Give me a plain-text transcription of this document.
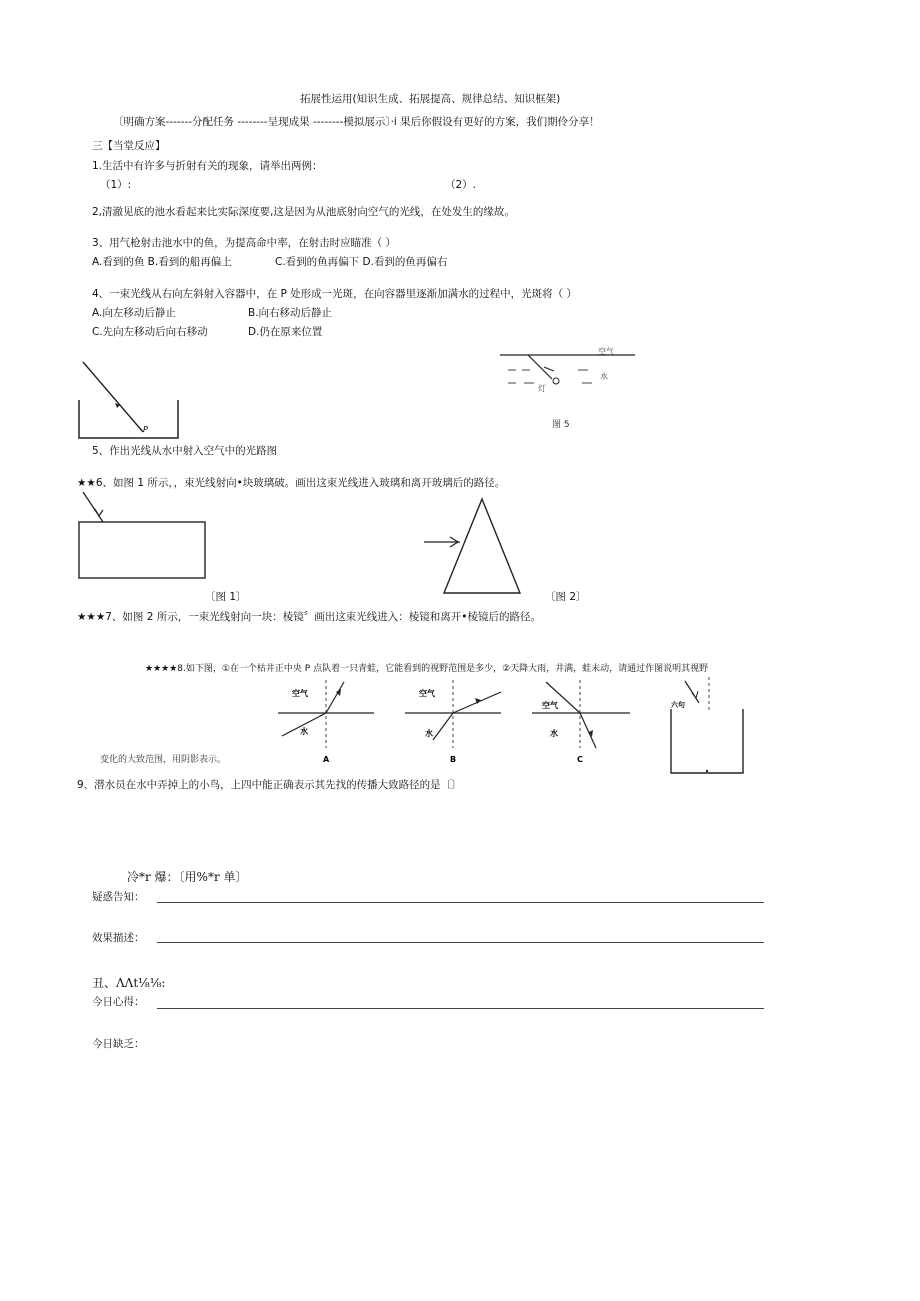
拓展性运用(知识生成、拓展提高、规律总结、知识框架)
〔明确方案-------分配任务 --------呈现成果 --------模拟展示〕·i 果后你假设有更好的方案，我们期伶分享！
三【当堂反应】
1.生活中有许多与折射有关的现象，请举出两例：
（1）:	（2）.
2,清澈见底的池水看起来比实际深度要,这是因为从池底射向空气的光线，在处发生的缘故。
3、用气枪射击池水中的鱼，为提高命中率，在射击时应瞄准（ ）
A.看到的鱼 B.看到的船再偏上	C.看到的鱼再偏下 D.看到的鱼再偏右
4、一束光线从右向左斜射入容器中，在 P 处形成一光斑，在向容器里逐渐加满水的过程中，光斑将（ ）
A.向左移动后静止	B.向右移动后静止
C.先向左移动后向右移动	D.仍在原来位置
P
空气
水
灯
图 5
5、作出光线从水中射入空气中的光路图
★★6、如图 1 所示，，束光线射向•块玻璃破。画出这束光线进入玻璃和离开玻璃后的路径。
〔图 1〕	〔图 2〕
★★★7、如图 2 所示，一束光线射向一块：棱镜〞画出这束光线进入：棱镜和离开•棱镜后的路径。
★★★★8.如下图，①在一个枯井正中央 P 点队着一只青蛙，它能看到的视野范围是多少，②天降大雨，井满，蛙未动，请通过作图说明其视野
空气
水
A
空气
水
B
空气
水
C
六句
变化的大致范围，用阴影表示。
9、潜水员在水中弄掉上的小鸟，上四中能正确表示其先找的传播大致路径的是〔〕
冷*r 爆：〔用%*r 单〕
疑惑告知：
效果描述：
丑、ΛΛt⅛⅛:
今日心得：
今日缺乏：
